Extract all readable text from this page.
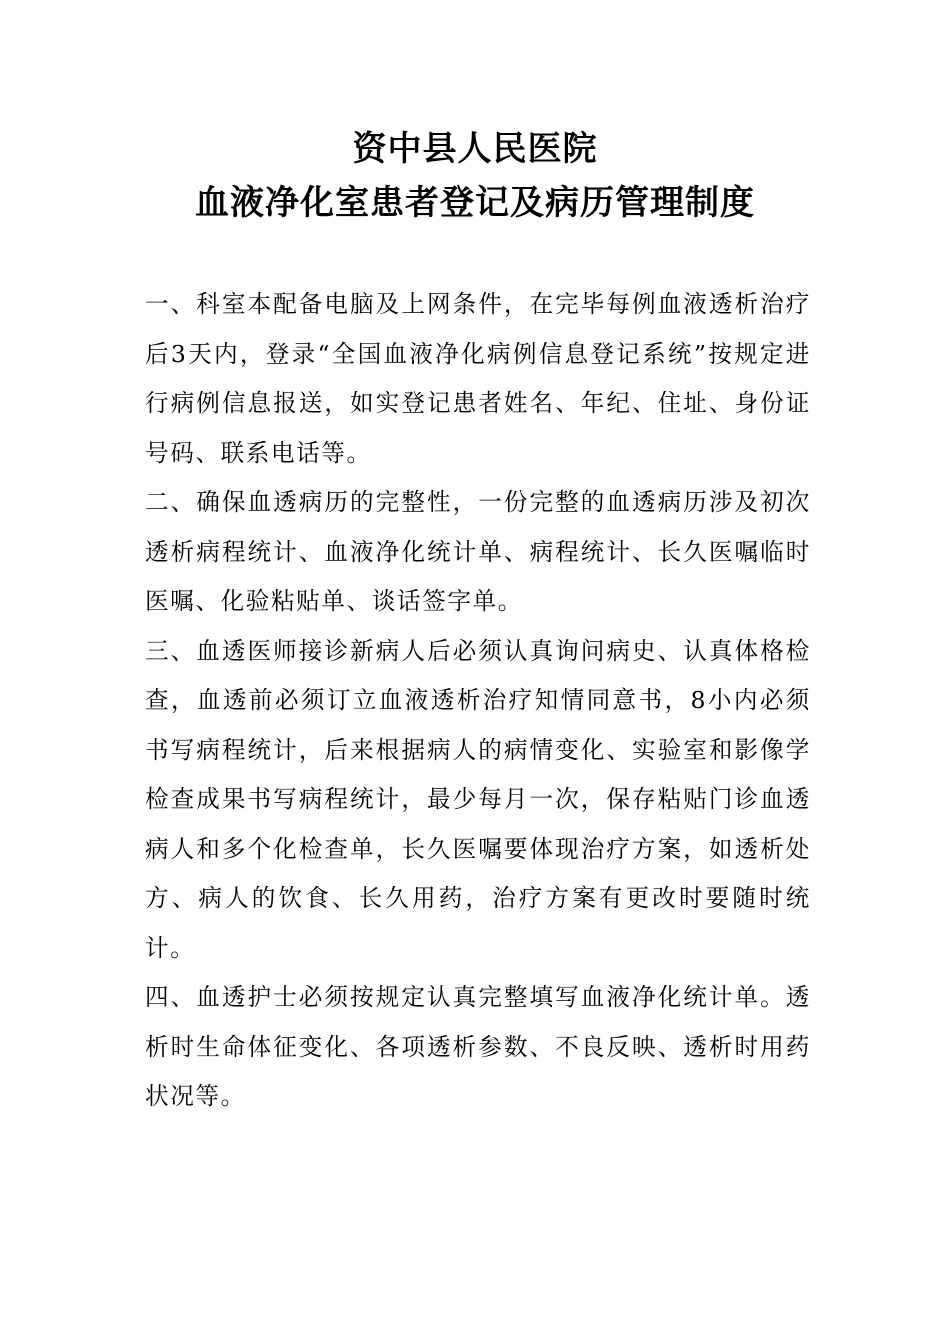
资中县人民医院
血液净化室患者登记及病历管理制度

一、科室本配备电脑及上网条件，在完毕每例血液透析治疗后3天内，登录“全国血液净化病例信息登记系统”按规定进行病例信息报送，如实登记患者姓名、年纪、住址、身份证号码、联系电话等。

二、确保血透病历的完整性，一份完整的血透病历涉及初次透析病程统计、血液净化统计单、病程统计、长久医嘱临时医嘱、化验粘贴单、谈话签字单。

三、血透医师接诊新病人后必须认真询问病史、认真体格检查，血透前必须订立血液透析治疗知情同意书，8小内必须书写病程统计，后来根据病人的病情变化、实验室和影像学检查成果书写病程统计，最少每月一次，保存粘贴门诊血透病人和多个化检查单，长久医嘱要体现治疗方案，如透析处方、病人的饮食、长久用药，治疗方案有更改时要随时统计。

四、血透护士必须按规定认真完整填写血液净化统计单。透析时生命体征变化、各项透析参数、不良反映、透析时用药状况等。
